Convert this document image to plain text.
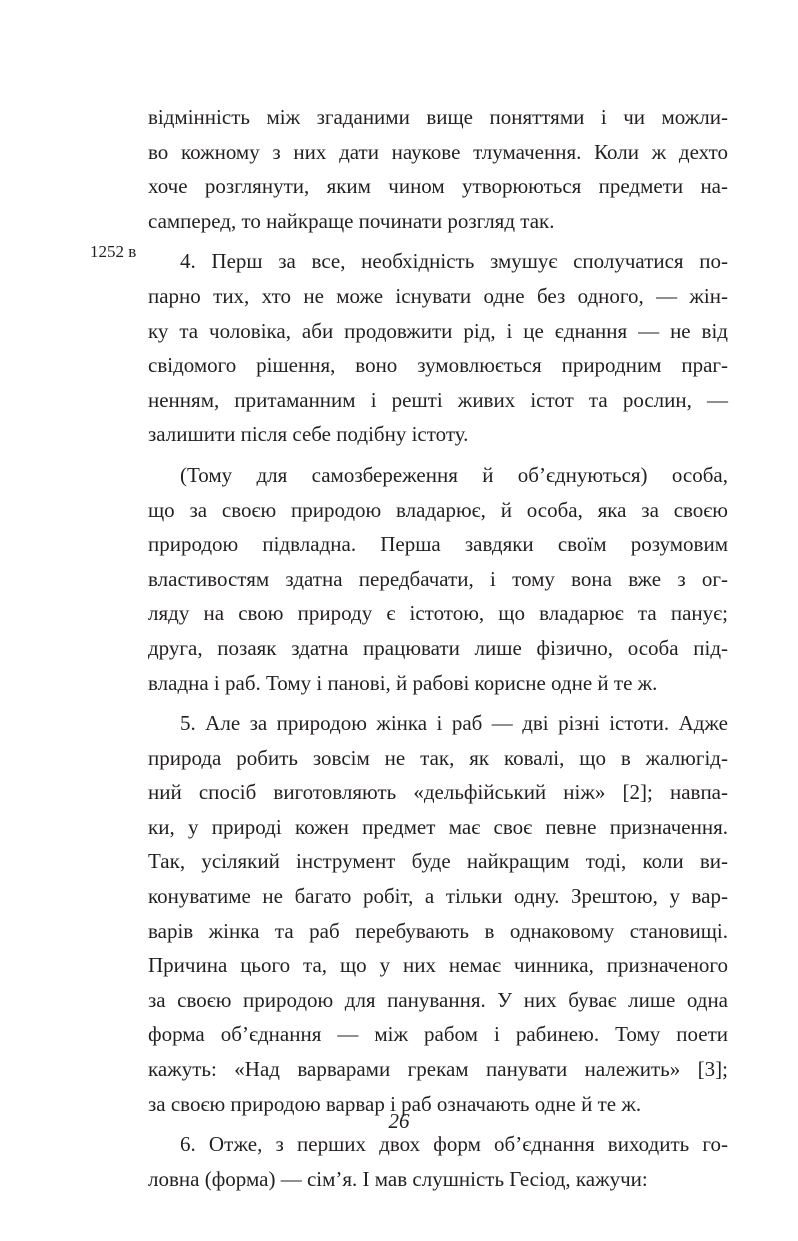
1252 в
відмінність між згаданими вище поняттями і чи можли-
во кожному з них дати наукове тлумачення. Коли ж дехто
хоче розглянути, яким чином утворюються предмети на-
самперед, то найкраще починати розгляд так.
4. Перш за все, необхідність змушує сполучатися по-
парно тих, хто не може існувати одне без одного, — жін-
ку та чоловіка, аби продовжити рід, і це єднання — не від
свідомого рішення, воно зумовлюється природним праг-
ненням, притаманним і решті живих істот та рослин, —
залишити після себе подібну істоту.
(Тому для самозбереження й об’єднуються) особа,
що за своєю природою владарює, й особа, яка за своєю
природою підвладна. Перша завдяки своїм розумовим
властивостям здатна передбачати, і тому вона вже з ог-
ляду на свою природу є істотою, що владарює та панує;
друга, позаяк здатна працювати лише фізично, особа під-
владна і раб. Тому і панові, й рабові корисне одне й те ж.
5. Але за природою жінка і раб — дві різні істоти. Адже
природа робить зовсім не так, як ковалі, що в жалюгід-
ний спосіб виготовляють «дельфійський ніж» [2]; навпа-
ки, у природі кожен предмет має своє певне призначення.
Так, усілякий інструмент буде найкращим тоді, коли ви-
конуватиме не багато робіт, а тільки одну. Зрештою, у вар-
варів жінка та раб перебувають в однаковому становищі.
Причина цього та, що у них немає чинника, призначеного
за своєю природою для панування. У них буває лише одна
форма об’єднання — між рабом і рабинею. Тому поети
кажуть: «Над варварами грекам панувати належить» [3];
за своєю природою варвар і раб означають одне й те ж.
6. Отже, з перших двох форм об’єднання виходить го-
ловна (форма) — сім’я. І мав слушність Гесіод, кажучи:
26
